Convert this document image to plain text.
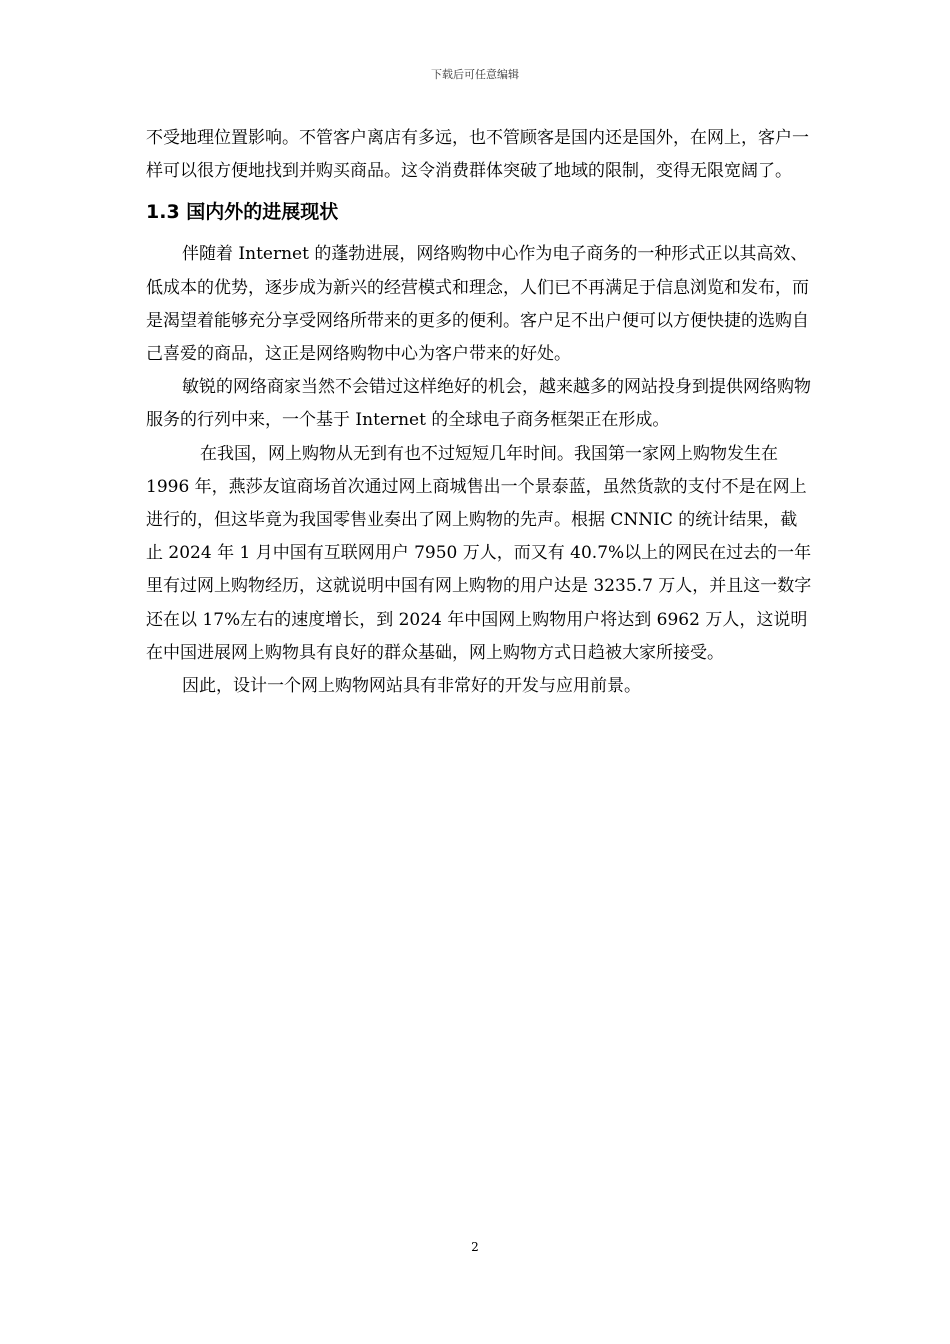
下载后可任意编辑

不受地理位置影响。不管客户离店有多远，也不管顾客是国内还是国外，在网上，客户一样可以很方便地找到并购买商品。这令消费群体突破了地域的限制，变得无限宽阔了。

1.3 国内外的进展现状

伴随着 Internet 的蓬勃进展，网络购物中心作为电子商务的一种形式正以其高效、低成本的优势，逐步成为新兴的经营模式和理念，人们已不再满足于信息浏览和发布，而是渴望着能够充分享受网络所带来的更多的便利。客户足不出户便可以方便快捷的选购自己喜爱的商品，这正是网络购物中心为客户带来的好处。

敏锐的网络商家当然不会错过这样绝好的机会，越来越多的网站投身到提供网络购物服务的行列中来，一个基于 Internet 的全球电子商务框架正在形成。

在我国，网上购物从无到有也不过短短几年时间。我国第一家网上购物发生在 1996 年，燕莎友谊商场首次通过网上商城售出一个景泰蓝，虽然货款的支付不是在网上进行的，但这毕竟为我国零售业奏出了网上购物的先声。根据 CNNIC 的统计结果，截止 2024 年 1 月中国有互联网用户 7950 万人，而又有 40.7%以上的网民在过去的一年里有过网上购物经历，这就说明中国有网上购物的用户达是 3235.7 万人，并且这一数字还在以 17%左右的速度增长，到 2024 年中国网上购物用户将达到 6962 万人，这说明在中国进展网上购物具有良好的群众基础，网上购物方式日趋被大家所接受。

因此，设计一个网上购物网站具有非常好的开发与应用前景。

2
